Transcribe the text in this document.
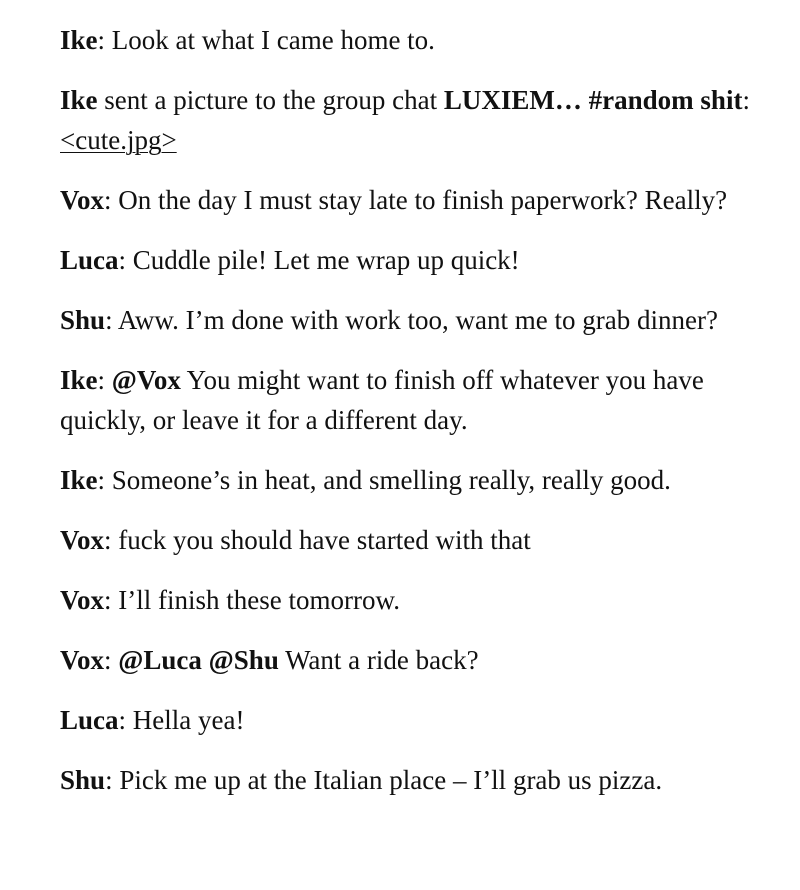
Ike: Look at what I came home to.

Ike sent a picture to the group chat LUXIEM… #random shit: <cute.jpg>

Vox: On the day I must stay late to finish paperwork? Really?

Luca: Cuddle pile! Let me wrap up quick!

Shu: Aww. I’m done with work too, want me to grab dinner?

Ike: @Vox You might want to finish off whatever you have quickly, or leave it for a different day.

Ike: Someone’s in heat, and smelling really, really good.

Vox: fuck you should have started with that

Vox: I’ll finish these tomorrow.

Vox: @Luca @Shu Want a ride back?

Luca: Hella yea!

Shu: Pick me up at the Italian place – I’ll grab us pizza.
